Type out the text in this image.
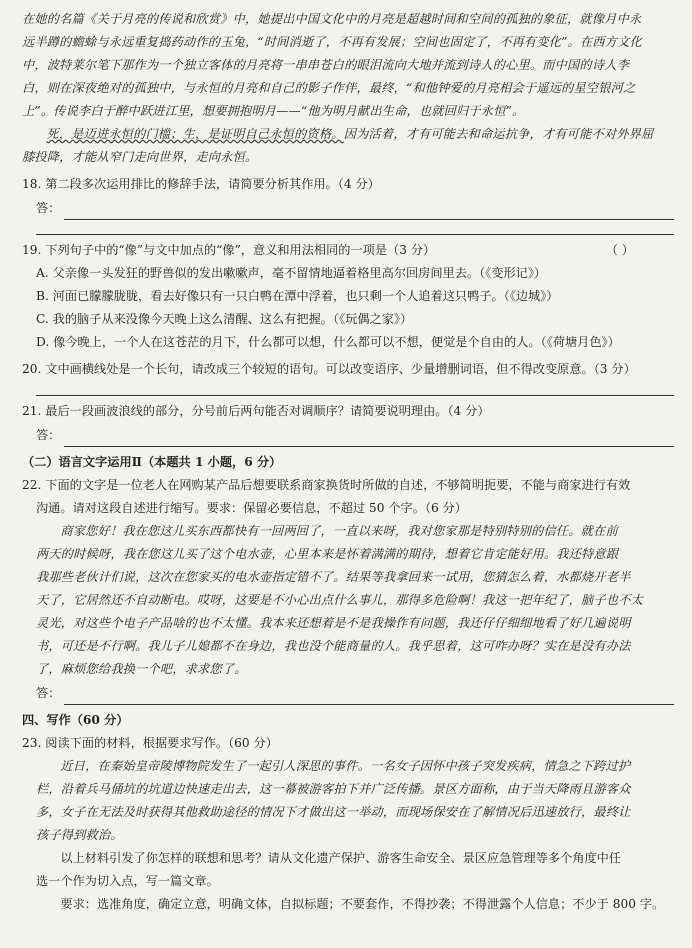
在她的名篇《关于月亮的传说和欣赏》中，她提出中国文化中的月亮是超越时间和空间的孤独的象征，就像月中永

远半蹲的蟾蜍与永远重复捣药动作的玉兔，“时间消逝了，不再有发展；空间也固定了，不再有变化”。在西方文化

中，波特莱尔笔下那作为一个独立客体的月亮将一串串苍白的眼泪流向大地并流到诗人的心里。而中国的诗人李

白，则在深夜绝对的孤独中，与永恒的月亮和自己的影子作伴，最终，“和他钟爱的月亮相会于遥远的星空银河之

上”。传说李白于醉中跃进江里，想要拥抱明月——“他为明月献出生命，也就回归于永恒”。

死，是迈进永恒的门槛；生，是证明自己永恒的资格。因为活着，才有可能去和命运抗争，才有可能不对外界屈

膝投降，才能从窄门走向世界，走向永恒。

18. 第二段多次运用排比的修辞手法，请简要分析其作用。（4 分）

答：

19. 下列句子中的“像”与文中加点的“像”，意义和用法相同的一项是（3 分）	（ ）

A. 父亲像一头发狂的野兽似的发出嗽嗽声，毫不留情地逼着格里高尔回房间里去。（《变形记》）

B. 河面已朦朦胧胧，看去好像只有一只白鸭在潭中浮着，也只剩一个人追着这只鸭子。（《边城》）

C. 我的脑子从来没像今天晚上这么清醒、这么有把握。（《玩偶之家》）

D. 像今晚上，一个人在这苍茫的月下，什么都可以想，什么都可以不想，便觉是个自由的人。（《荷塘月色》）

20. 文中画横线处是一个长句，请改成三个较短的语句。可以改变语序、少量增删词语，但不得改变原意。（3 分）

21. 最后一段画波浪线的部分，分号前后两句能否对调顺序？请简要说明理由。（4 分）

答：

（二）语言文字运用Ⅱ（本题共 1 小题，6 分）

22. 下面的文字是一位老人在网购某产品后想要联系商家换货时所做的自述，不够简明扼要，不能与商家进行有效

沟通。请对这段自述进行缩写。要求：保留必要信息，不超过 50 个字。（6 分）

商家您好！我在您这儿买东西都快有一回两回了，一直以来呀，我对您家那是特别特别的信任。就在前

两天的时候呀，我在您这儿买了这个电水壶，心里本来是怀着满满的期待，想着它肯定能好用。我还特意跟

我那些老伙计们说，这次在您家买的电水壶指定错不了。结果等我拿回来一试用，您猜怎么着，水都烧开老半

天了，它居然还不自动断电。哎呀，这要是不小心出点什么事儿，那得多危险啊！我这一把年纪了，脑子也不太

灵光，对这些个电子产品啥的也不太懂。我本来还想着是不是我操作有问题，我还仔仔细细地看了好几遍说明

书，可还是不行啊。我儿子儿媳都不在身边，我也没个能商量的人。我乎思着，这可咋办呀？实在是没有办法

了，麻烦您给我换一个吧，求求您了。

答：

四、写作（60 分）

23. 阅读下面的材料，根据要求写作。（60 分）

近日，在秦始皇帝陵博物院发生了一起引人深思的事件。一名女子因怀中孩子突发疾病，情急之下跨过护

栏，沿着兵马俑坑的坑道边快速走出去，这一幕被游客拍下并广泛传播。景区方面称，由于当天降雨且游客众

多，女子在无法及时获得其他救助途径的情况下才做出这一举动，而现场保安在了解情况后迅速放行，最终让

孩子得到救治。

以上材料引发了你怎样的联想和思考？请从文化遗产保护、游客生命安全、景区应急管理等多个角度中任

选一个作为切入点，写一篇文章。

要求：选准角度，确定立意，明确文体，自拟标题；不要套作，不得抄袭；不得泄露个人信息；不少于 800 字。
